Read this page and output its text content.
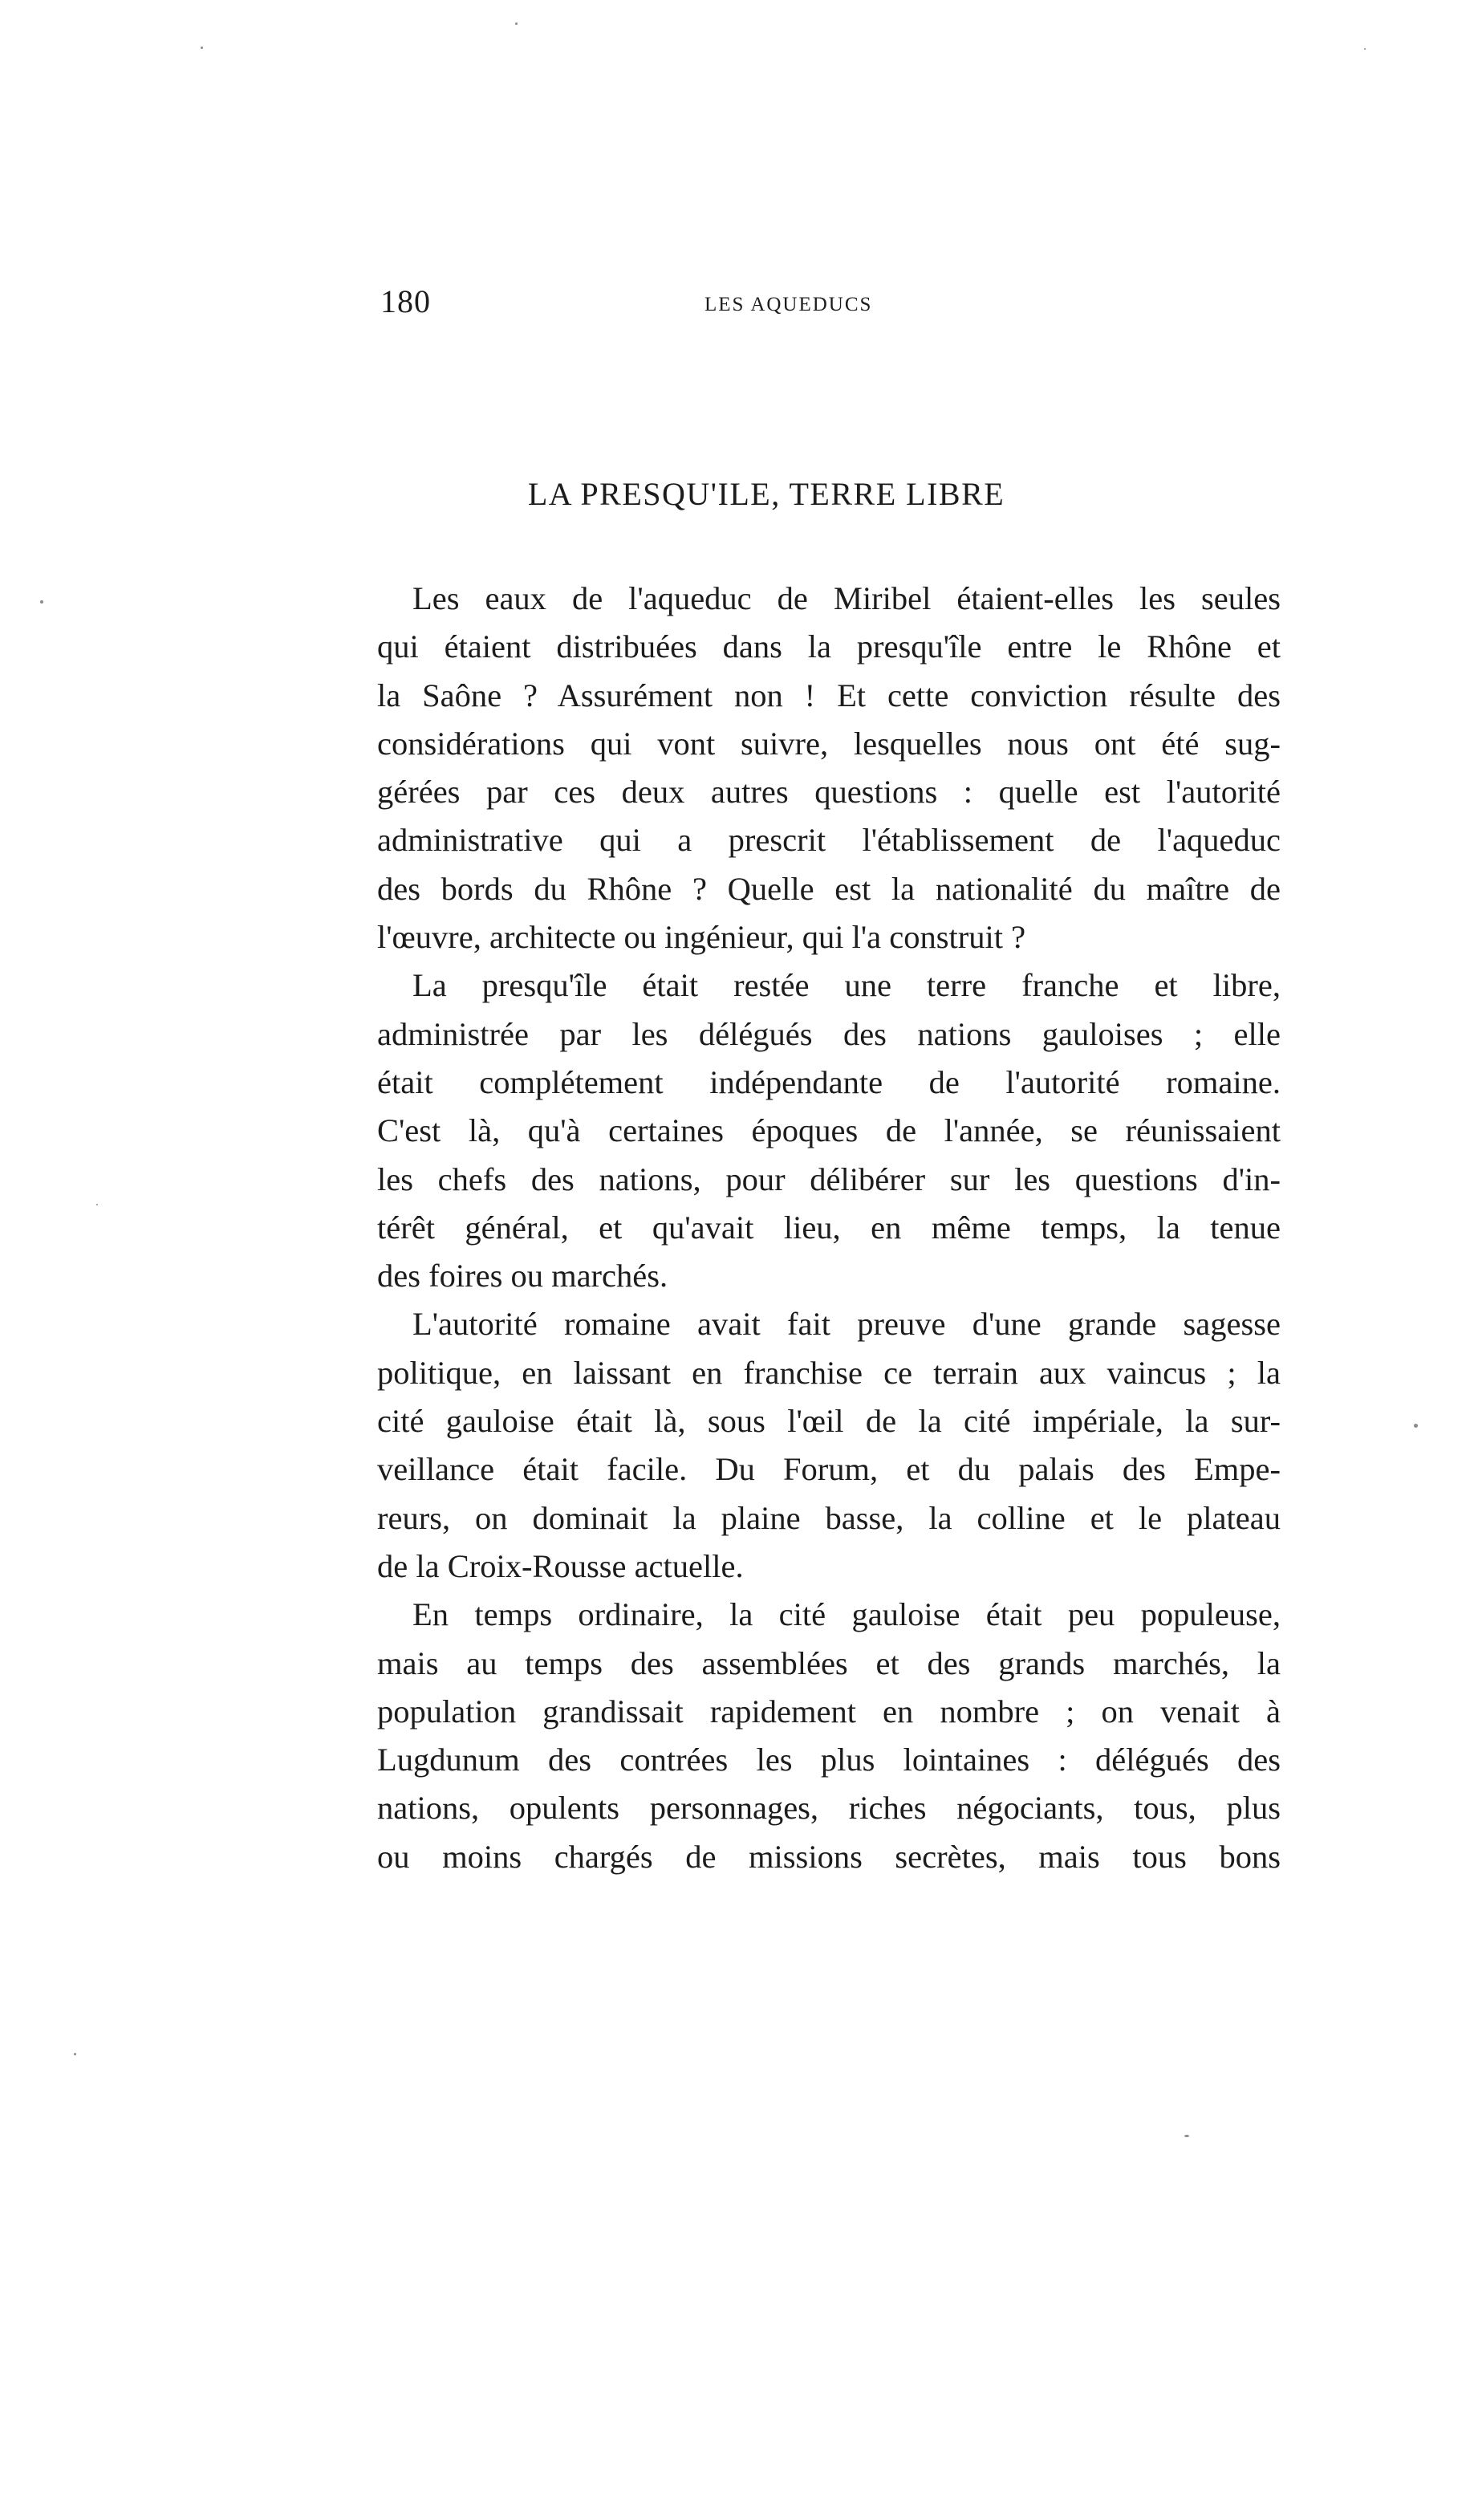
180	LES AQUEDUCS
LA PRESQU'ILE, TERRE LIBRE
Les eaux de l'aqueduc de Miribel étaient-elles les seules
qui étaient distribuées dans la presqu'île entre le Rhône et
la Saône ? Assurément non ! Et cette conviction résulte des
considérations qui vont suivre, lesquelles nous ont été sug-
gérées par ces deux autres questions : quelle est l'autorité
administrative qui a prescrit l'établissement de l'aqueduc
des bords du Rhône ? Quelle est la nationalité du maître de
l'œuvre, architecte ou ingénieur, qui l'a construit ?
La presqu'île était restée une terre franche et libre,
administrée par les délégués des nations gauloises ; elle
était complétement indépendante de l'autorité romaine.
C'est là, qu'à certaines époques de l'année, se réunissaient
les chefs des nations, pour délibérer sur les questions d'in-
térêt général, et qu'avait lieu, en même temps, la tenue
des foires ou marchés.
L'autorité romaine avait fait preuve d'une grande sagesse
politique, en laissant en franchise ce terrain aux vaincus ; la
cité gauloise était là, sous l'œil de la cité impériale, la sur-
veillance était facile. Du Forum, et du palais des Empe-
reurs, on dominait la plaine basse, la colline et le plateau
de la Croix-Rousse actuelle.
En temps ordinaire, la cité gauloise était peu populeuse,
mais au temps des assemblées et des grands marchés, la
population grandissait rapidement en nombre ; on venait à
Lugdunum des contrées les plus lointaines : délégués des
nations, opulents personnages, riches négociants, tous, plus
ou moins chargés de missions secrètes, mais tous bons
